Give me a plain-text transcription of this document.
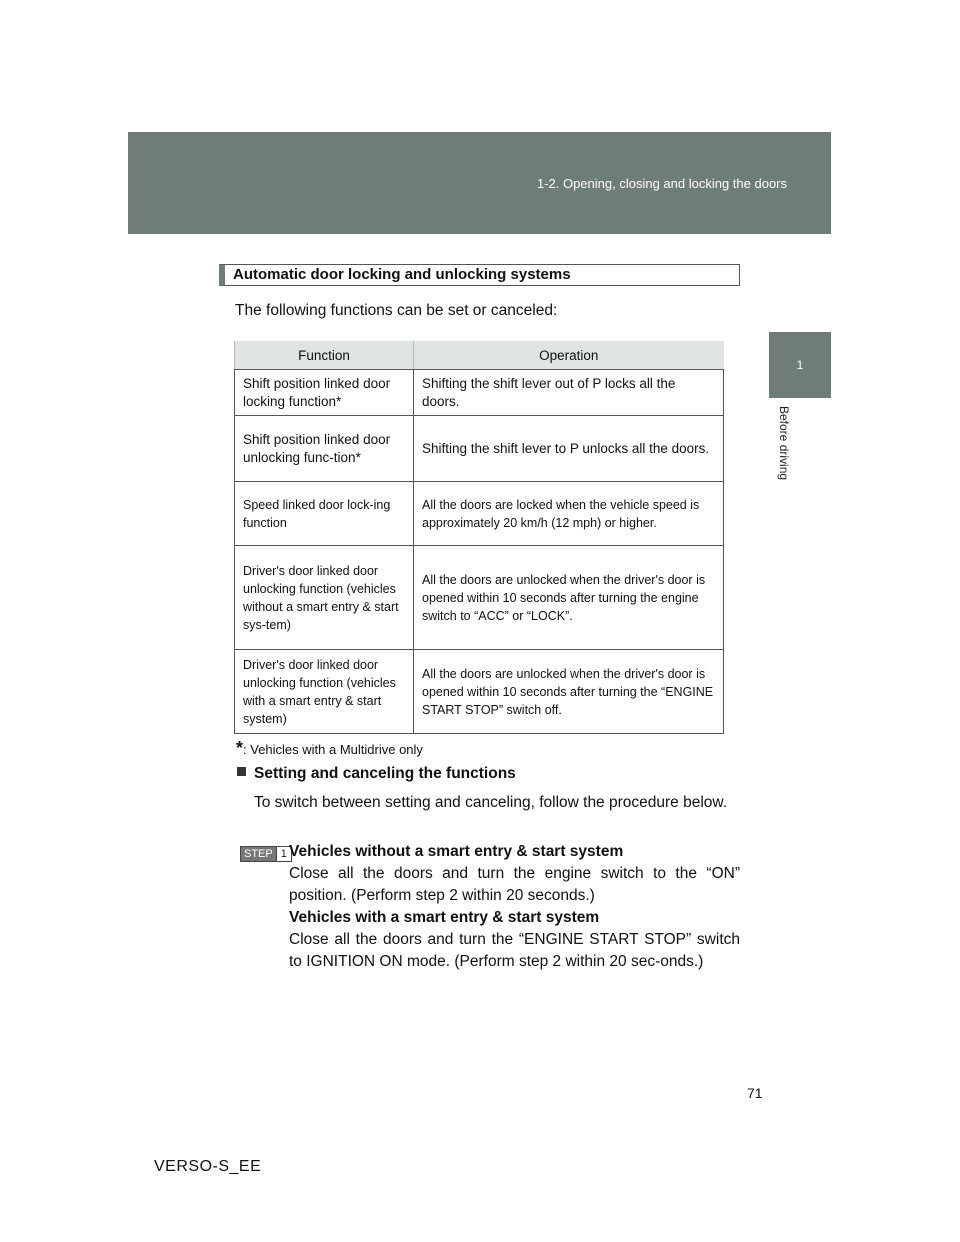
1-2. Opening, closing and locking the doors
1
Before driving
Automatic door locking and unlocking systems
The following functions can be set or canceled:
Function	Operation
Shift position linked door locking function*	Shifting the shift lever out of P locks all the doors.
Shift position linked door unlocking func-tion*	Shifting the shift lever to P unlocks all the doors.
Speed linked door lock-ing function	All the doors are locked when the vehicle speed is approximately 20 km/h (12 mph) or higher.
Driver's door linked door unlocking function (vehicles without a smart entry & start sys-tem)	All the doors are unlocked when the driver's door is opened within 10 seconds after turning the engine switch to “ACC” or “LOCK”.
Driver's door linked door unlocking function (vehicles with a smart entry & start system)	All the doors are unlocked when the driver's door is opened within 10 seconds after turning the “ENGINE START STOP” switch off.
*: Vehicles with a Multidrive only
Setting and canceling the functions
To switch between setting and canceling, follow the procedure below.
STEP 1 Vehicles without a smart entry & start system
Close all the doors and turn the engine switch to the “ON” position. (Perform step 2 within 20 seconds.)
Vehicles with a smart entry & start system
Close all the doors and turn the “ENGINE START STOP” switch to IGNITION ON mode. (Perform step 2 within 20 sec-onds.)
71
VERSO-S_EE
